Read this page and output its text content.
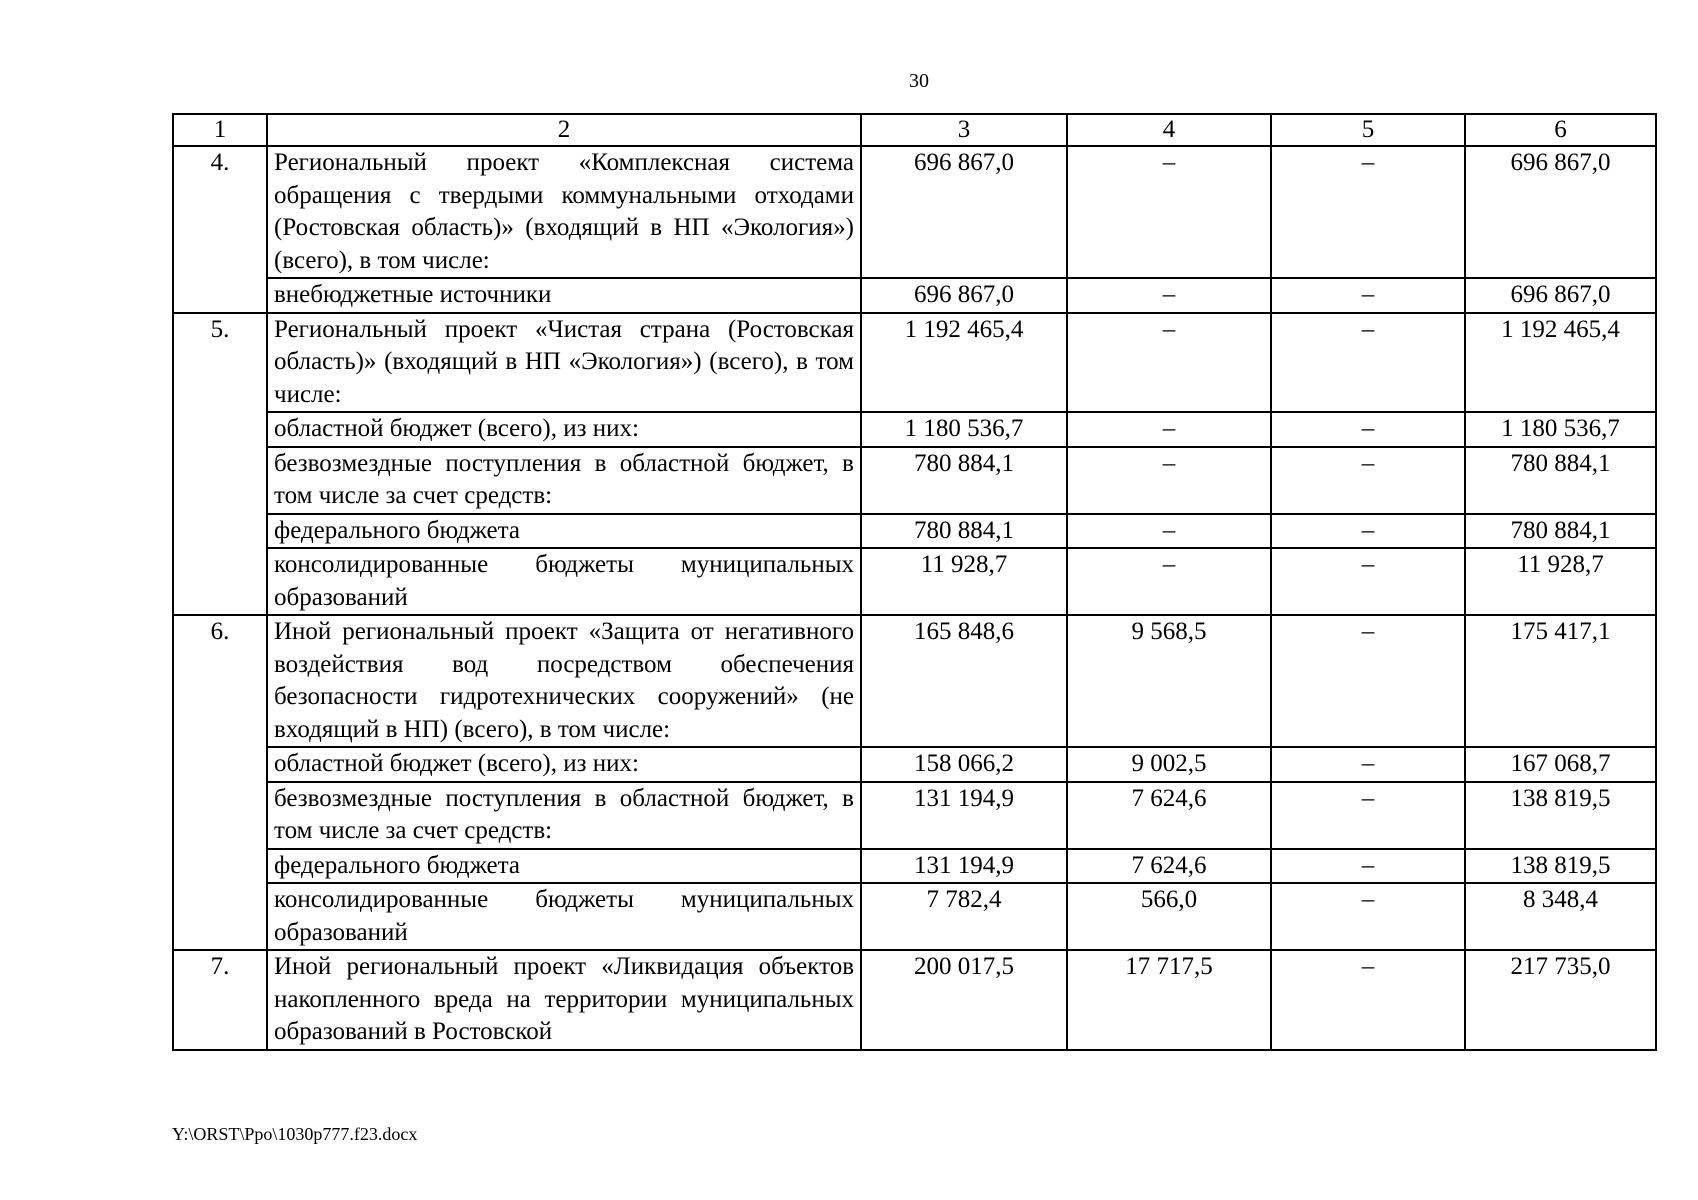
30
1	2	3	4	5	6
4.	Региональный проект «Комплексная система обращения с твердыми коммунальными отходами (Ростовская область)» (входящий в НП «Экология») (всего), в том числе:	696 867,0	–	–	696 867,0
	внебюджетные источники	696 867,0	–	–	696 867,0
5.	Региональный проект «Чистая страна (Ростовская область)» (входящий в НП «Экология») (всего), в том числе:	1 192 465,4	–	–	1 192 465,4
	областной бюджет (всего), из них:	1 180 536,7	–	–	1 180 536,7
	безвозмездные поступления в областной бюджет, в том числе за счет средств:	780 884,1	–	–	780 884,1
	федерального бюджета	780 884,1	–	–	780 884,1
	консолидированные бюджеты муниципальных образований	11 928,7	–	–	11 928,7
6.	Иной региональный проект «Защита от негативного воздействия вод посредством обеспечения безопасности гидротехнических сооружений» (не входящий в НП) (всего), в том числе:	165 848,6	9 568,5	–	175 417,1
	областной бюджет (всего), из них:	158 066,2	9 002,5	–	167 068,7
	безвозмездные поступления в областной бюджет, в том числе за счет средств:	131 194,9	7 624,6	–	138 819,5
	федерального бюджета	131 194,9	7 624,6	–	138 819,5
	консолидированные бюджеты муниципальных образований	7 782,4	566,0	–	8 348,4
7.	Иной региональный проект «Ликвидация объектов накопленного вреда на территории муниципальных образований в Ростовской	200 017,5	17 717,5	–	217 735,0
Y:\ORST\Ppo\1030p777.f23.docx
